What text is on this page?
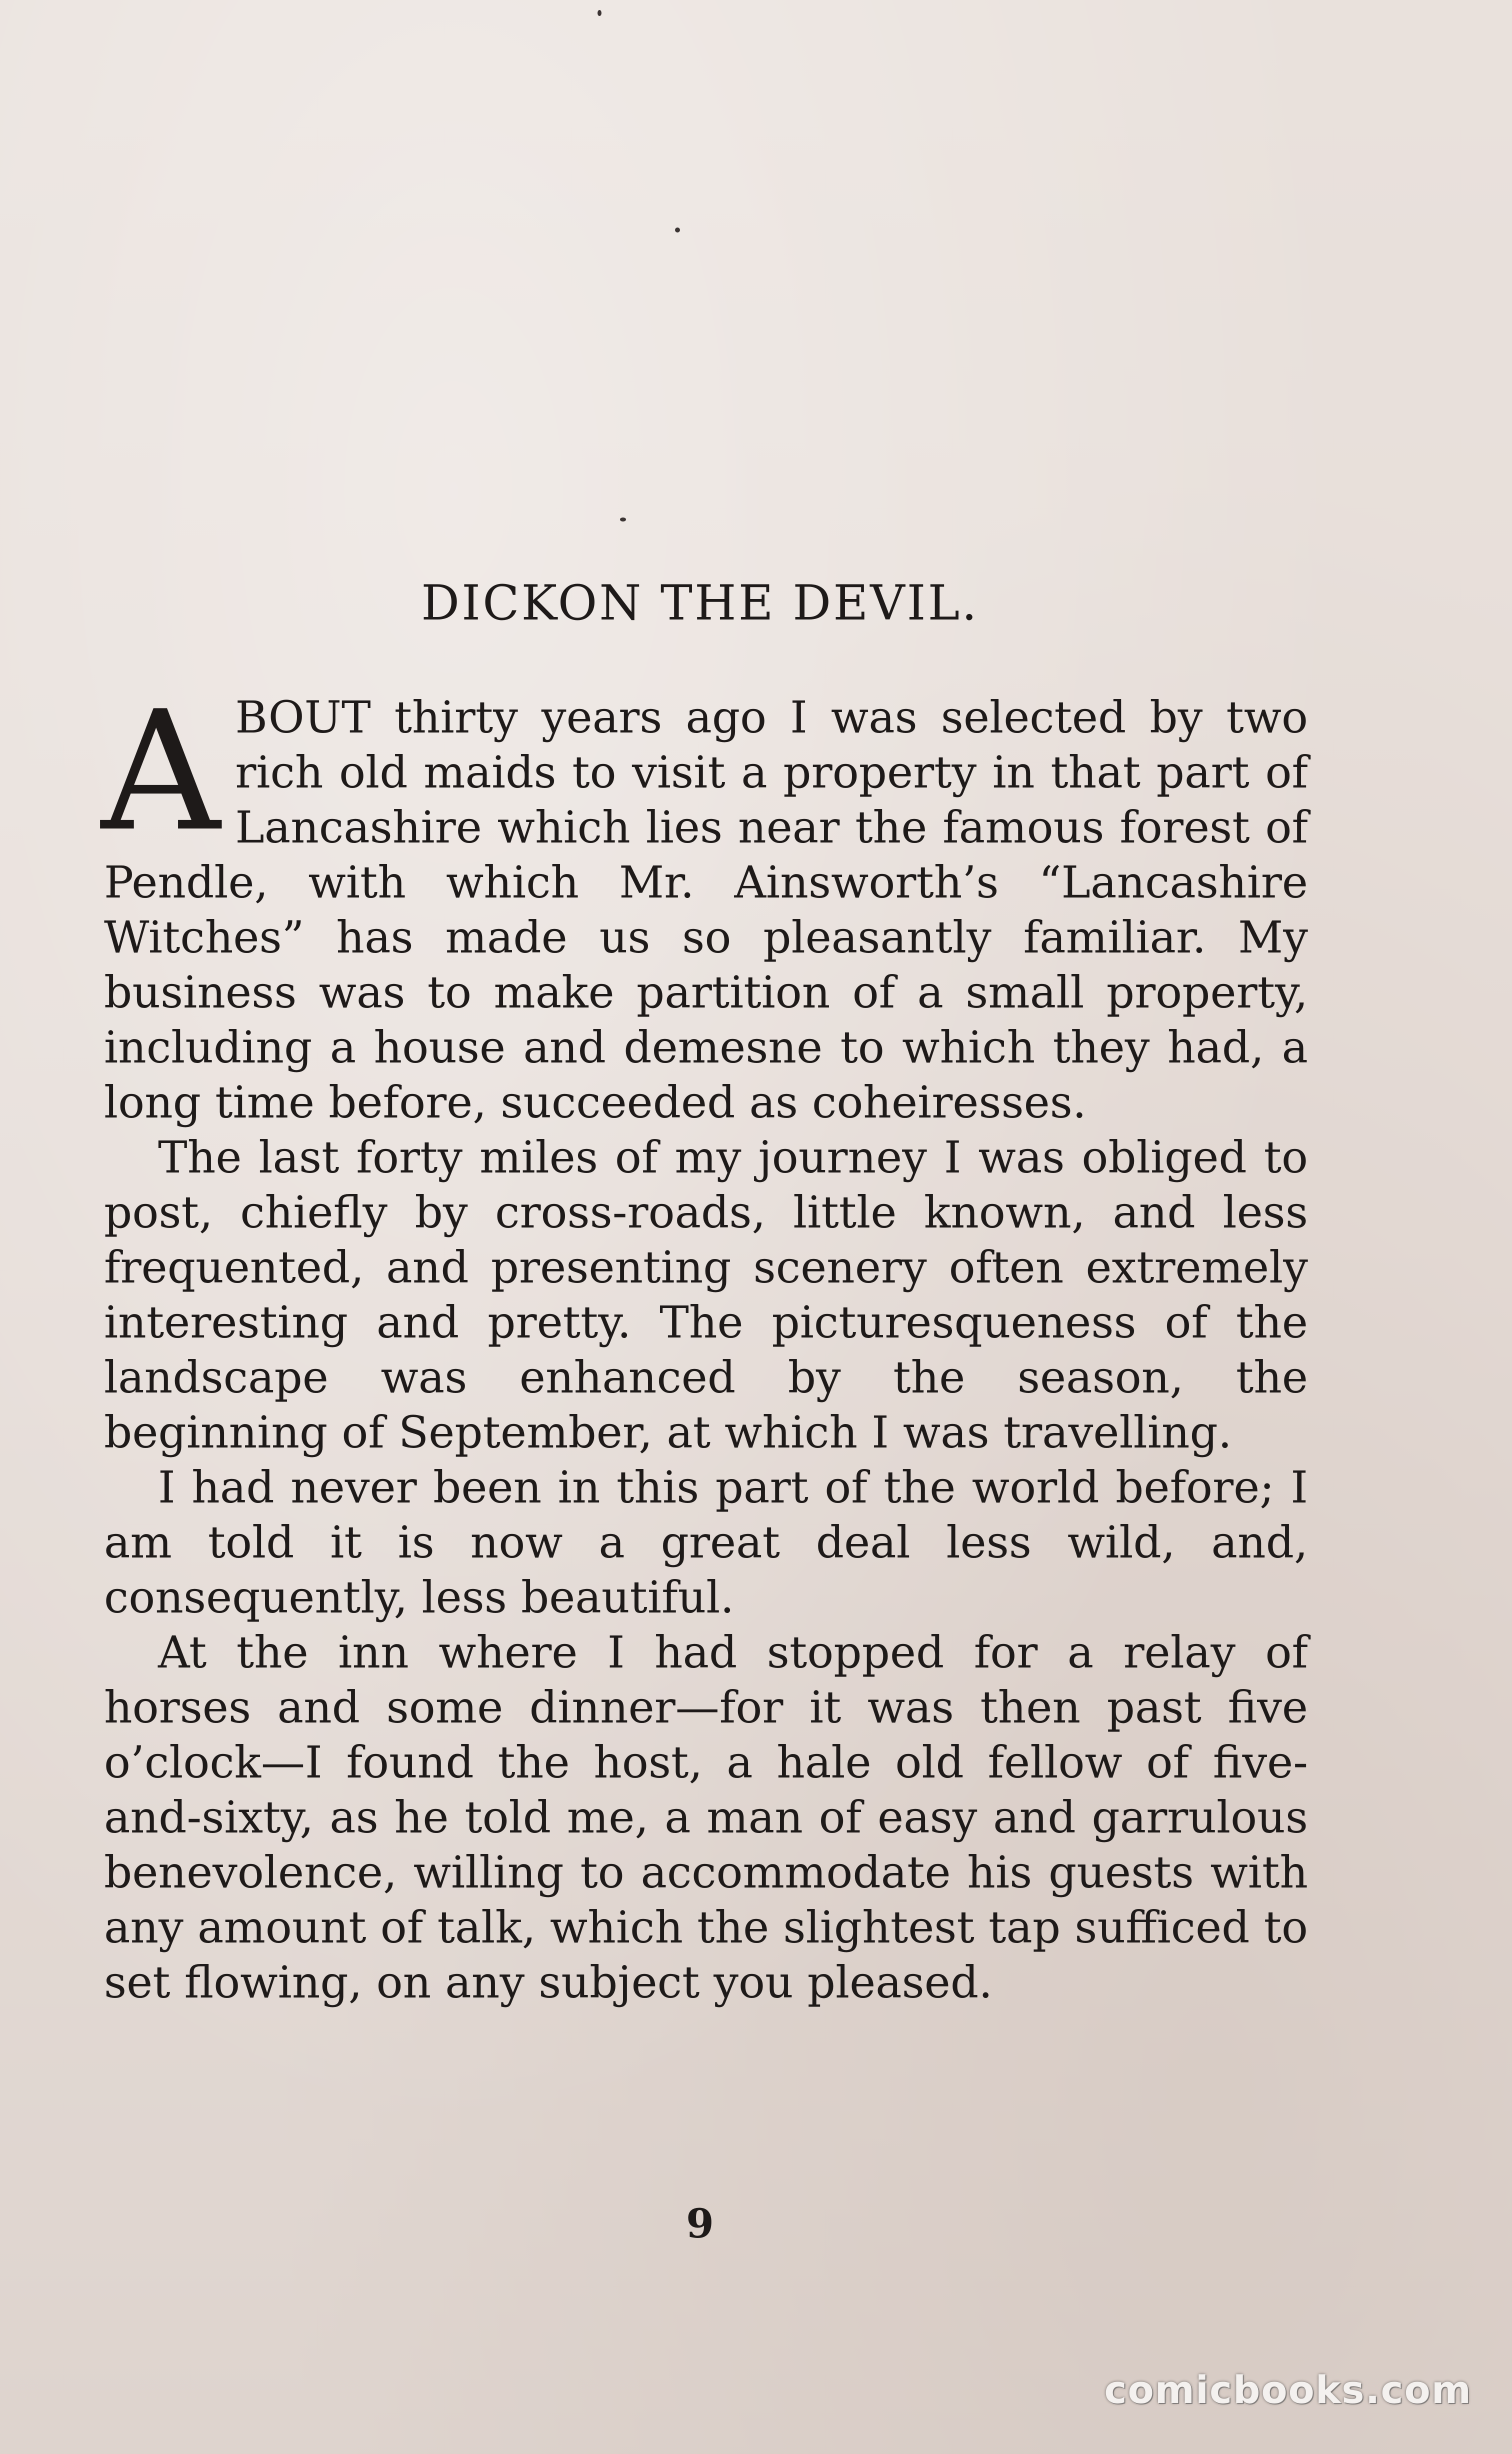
DICKON THE DEVIL.

ABOUT thirty years ago I was selected by two rich old maids to visit a property in that part of Lancashire which lies near the famous forest of Pendle, with which Mr. Ainsworth’s “Lancashire Witches” has made us so pleasantly familiar. My business was to make partition of a small property, including a house and demesne to which they had, a long time before, succeeded as coheiresses.

The last forty miles of my journey I was obliged to post, chiefly by cross-roads, little known, and less frequented, and presenting scenery often extremely interesting and pretty. The picturesqueness of the landscape was enhanced by the season, the beginning of September, at which I was travelling.

I had never been in this part of the world before; I am told it is now a great deal less wild, and, consequently, less beautiful.

At the inn where I had stopped for a relay of horses and some dinner—for it was then past five o’clock—I found the host, a hale old fellow of five-and-sixty, as he told me, a man of easy and garrulous benevolence, willing to accommodate his guests with any amount of talk, which the slightest tap sufficed to set flowing, on any subject you pleased.

9
comicbooks.com
